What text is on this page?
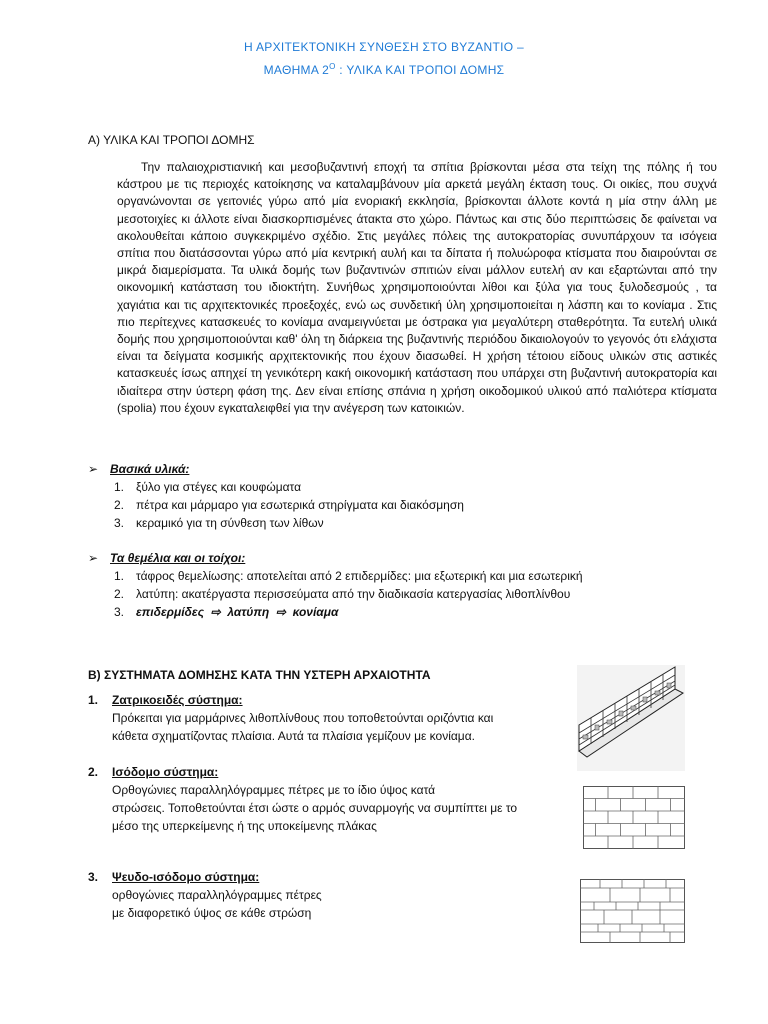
Η ΑΡΧΙΤΕΚΤΟΝΙΚΗ ΣΥΝΘΕΣΗ ΣΤΟ ΒΥΖΑΝΤΙΟ –
ΜΑΘΗΜΑ $2^O$ : ΥΛΙΚΑ ΚΑΙ ΤΡΟΠΟΙ ΔΟΜΗΣ
Α) ΥΛΙΚΑ ΚΑΙ ΤΡΟΠΟΙ ΔΟΜΗΣ

Την παλαιοχριστιανική και μεσοβυζαντινή εποχή τα σπίτια βρίσκονται μέσα στα τείχη της πόλης ή του κάστρου με τις περιοχές κατοίκησης να καταλαμβάνουν μία αρκετά μεγάλη έκταση τους. Οι οικίες, που συχνά οργανώνονται σε γειτονιές γύρω από μία ενοριακή εκκλησία, βρίσκονται άλλοτε κοντά η μία στην άλλη με μεσοτοιχίες κι άλλοτε είναι διασκορπισμένες άτακτα στο χώρο. Πάντως και στις δύο περιπτώσεις δε φαίνεται να ακολουθείται κάποιο συγκεκριμένο σχέδιο. Στις μεγάλες πόλεις της αυτοκρατορίας συνυπάρχουν τα ισόγεια σπίτια που διατάσσονται γύρω από μία κεντρική αυλή και τα δίπατα ή πολυώροφα κτίσματα που διαιρούνται σε μικρά διαμερίσματα. Τα υλικά δομής των βυζαντινών σπιτιών είναι μάλλον ευτελή αν και εξαρτώνται από την οικονομική κατάσταση του ιδιοκτήτη. Συνήθως χρησιμοποιούνται λίθοι και ξύλα για τους ξυλοδεσμούς , τα χαγιάτια και τις αρχιτεκτονικές προεξοχές, ενώ ως συνδετική ύλη χρησιμοποιείται η λάσπη και το κονίαμα . Στις πιο περίτεχνες κατασκευές το κονίαμα αναμειγνύεται με όστρακα για μεγαλύτερη σταθερότητα. Τα ευτελή υλικά δομής που χρησιμοποιούνται καθ' όλη τη διάρκεια της βυζαντινής περιόδου δικαιολογούν το γεγονός ότι ελάχιστα είναι τα δείγματα κοσμικής αρχιτεκτονικής που έχουν διασωθεί. Η χρήση τέτοιου είδους υλικών στις αστικές κατασκευές ίσως απηχεί τη γενικότερη κακή οικονομική κατάσταση που υπάρχει στη βυζαντινή αυτοκρατορία και ιδιαίτερα στην ύστερη φάση της. Δεν είναι επίσης σπάνια η χρήση οικοδομικού υλικού από παλιότερα κτίσματα (spolia) που έχουν εγκαταλειφθεί για την ανέγερση των κατοικιών.

➢ Βασικά υλικά:
1. ξύλο για στέγες και κουφώματα
2. πέτρα και μάρμαρο για εσωτερικά στηρίγματα και διακόσμηση
3. κεραμικό για τη σύνθεση των λίθων
➢ Τα θεμέλια και οι τοίχοι:
1. τάφρος θεμελίωσης: αποτελείται από 2 επιδερμίδες: μια εξωτερική και μια εσωτερική
2. λατύπη: ακατέργαστα περισσεύματα από την διαδικασία κατεργασίας λιθοπλίνθου
3. επιδερμίδες ⇨ λατύπη ⇨ κονίαμα
Β) ΣΥΣΤΗΜΑΤΑ ΔΟΜΗΣΗΣ ΚΑΤΑ ΤΗΝ ΥΣΤΕΡΗ ΑΡΧΑΙΟΤΗΤΑ
1. Ζατρικοειδές σύστημα:
Πρόκειται για μαρμάρινες λιθοπλίνθους που τοποθετούνται οριζόντια και
κάθετα σχηματίζοντας πλαίσια. Αυτά τα πλαίσια γεμίζουν με κονίαμα.
2. Ισόδομο σύστημα:
Ορθογώνιες παραλληλόγραμμες πέτρες με το ίδιο ύψος κατά
στρώσεις. Τοποθετούνται έτσι ώστε ο αρμός συναρμογής να συμπίπτει με το
μέσο της υπερκείμενης ή της υποκείμενης πλάκας
3. Ψευδο-ισόδομο σύστημα:
ορθογώνιες παραλληλόγραμμες πέτρες
με διαφορετικό ύψος σε κάθε στρώση
